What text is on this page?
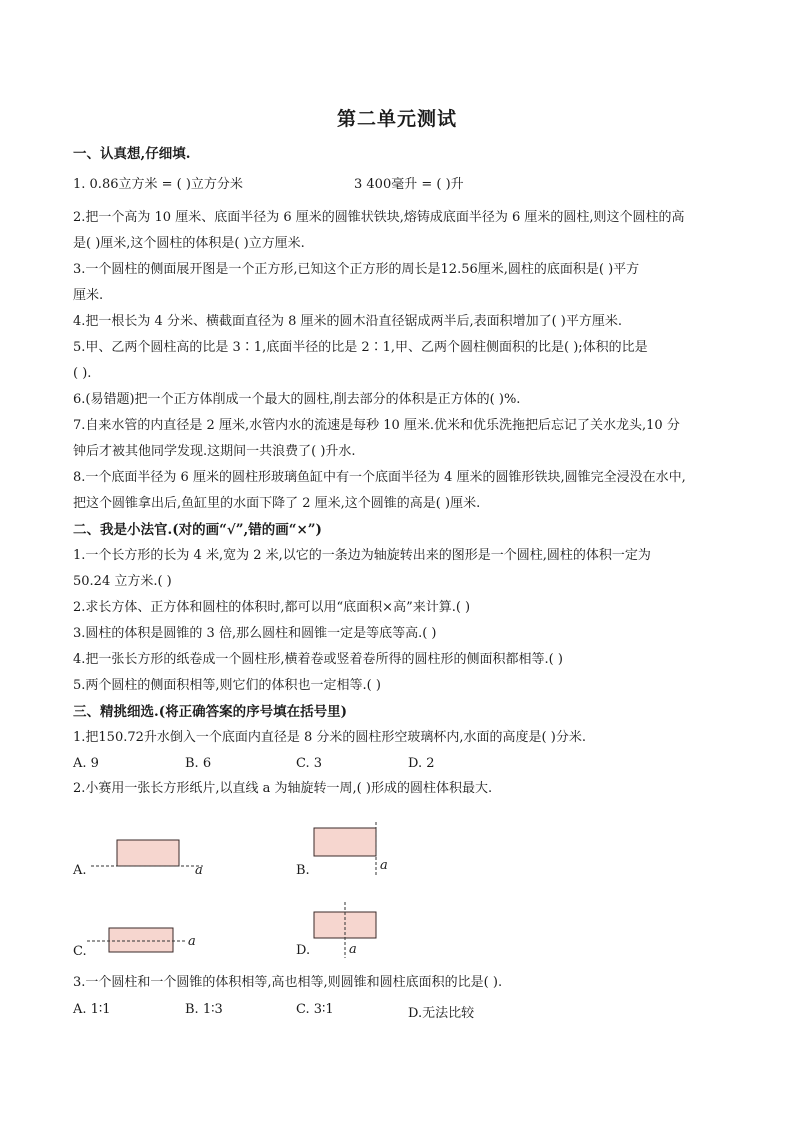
第二单元测试
一、认真想,仔细填.
1. 0.86立方米 = ( )立方分米	3 400毫升 = ( )升
2.把一个高为 10 厘米、底面半径为 6 厘米的圆锥状铁块,熔铸成底面半径为 6 厘米的圆柱,则这个圆柱的高
是( )厘米,这个圆柱的体积是( )立方厘米.
3.一个圆柱的侧面展开图是一个正方形,已知这个正方形的周长是12.56厘米,圆柱的底面积是( )平方
厘米.
4.把一根长为 4 分米、横截面直径为 8 厘米的圆木沿直径锯成两半后,表面积增加了( )平方厘米.
5.甲、乙两个圆柱高的比是 3∶1,底面半径的比是 2∶1,甲、乙两个圆柱侧面积的比是( );体积的比是
( ).
6.(易错题)把一个正方体削成一个最大的圆柱,削去部分的体积是正方体的( )%.
7.自来水管的内直径是 2 厘米,水管内水的流速是每秒 10 厘米.优米和优乐洗拖把后忘记了关水龙头,10 分
钟后才被其他同学发现.这期间一共浪费了( )升水.
8.一个底面半径为 6 厘米的圆柱形玻璃鱼缸中有一个底面半径为 4 厘米的圆锥形铁块,圆锥完全浸没在水中,
把这个圆锥拿出后,鱼缸里的水面下降了 2 厘米,这个圆锥的高是( )厘米.
二、我是小法官.(对的画“√”,错的画“×”)
1.一个长方形的长为 4 米,宽为 2 米,以它的一条边为轴旋转出来的图形是一个圆柱,圆柱的体积一定为
50.24 立方米.( )
2.求长方体、正方体和圆柱的体积时,都可以用“底面积×高”来计算.( )
3.圆柱的体积是圆锥的 3 倍,那么圆柱和圆锥一定是等底等高.( )
4.把一张长方形的纸卷成一个圆柱形,横着卷或竖着卷所得的圆柱形的侧面积都相等.( )
5.两个圆柱的侧面积相等,则它们的体积也一定相等.( )
三、精挑细选.(将正确答案的序号填在括号里)
1.把150.72升水倒入一个底面内直径是 8 分米的圆柱形空玻璃杯内,水面的高度是( )分米.
A. 9	B. 6	C. 3	D. 2
2.小赛用一张长方形纸片,以直线 a 为轴旋转一周,( )形成的圆柱体积最大.
A.	a	B.	a
C.
a
D.	a
3.一个圆柱和一个圆锥的体积相等,高也相等,则圆锥和圆柱底面积的比是( ).
A. 1∶1	B. 1∶3	C. 3∶1	D.无法比较
